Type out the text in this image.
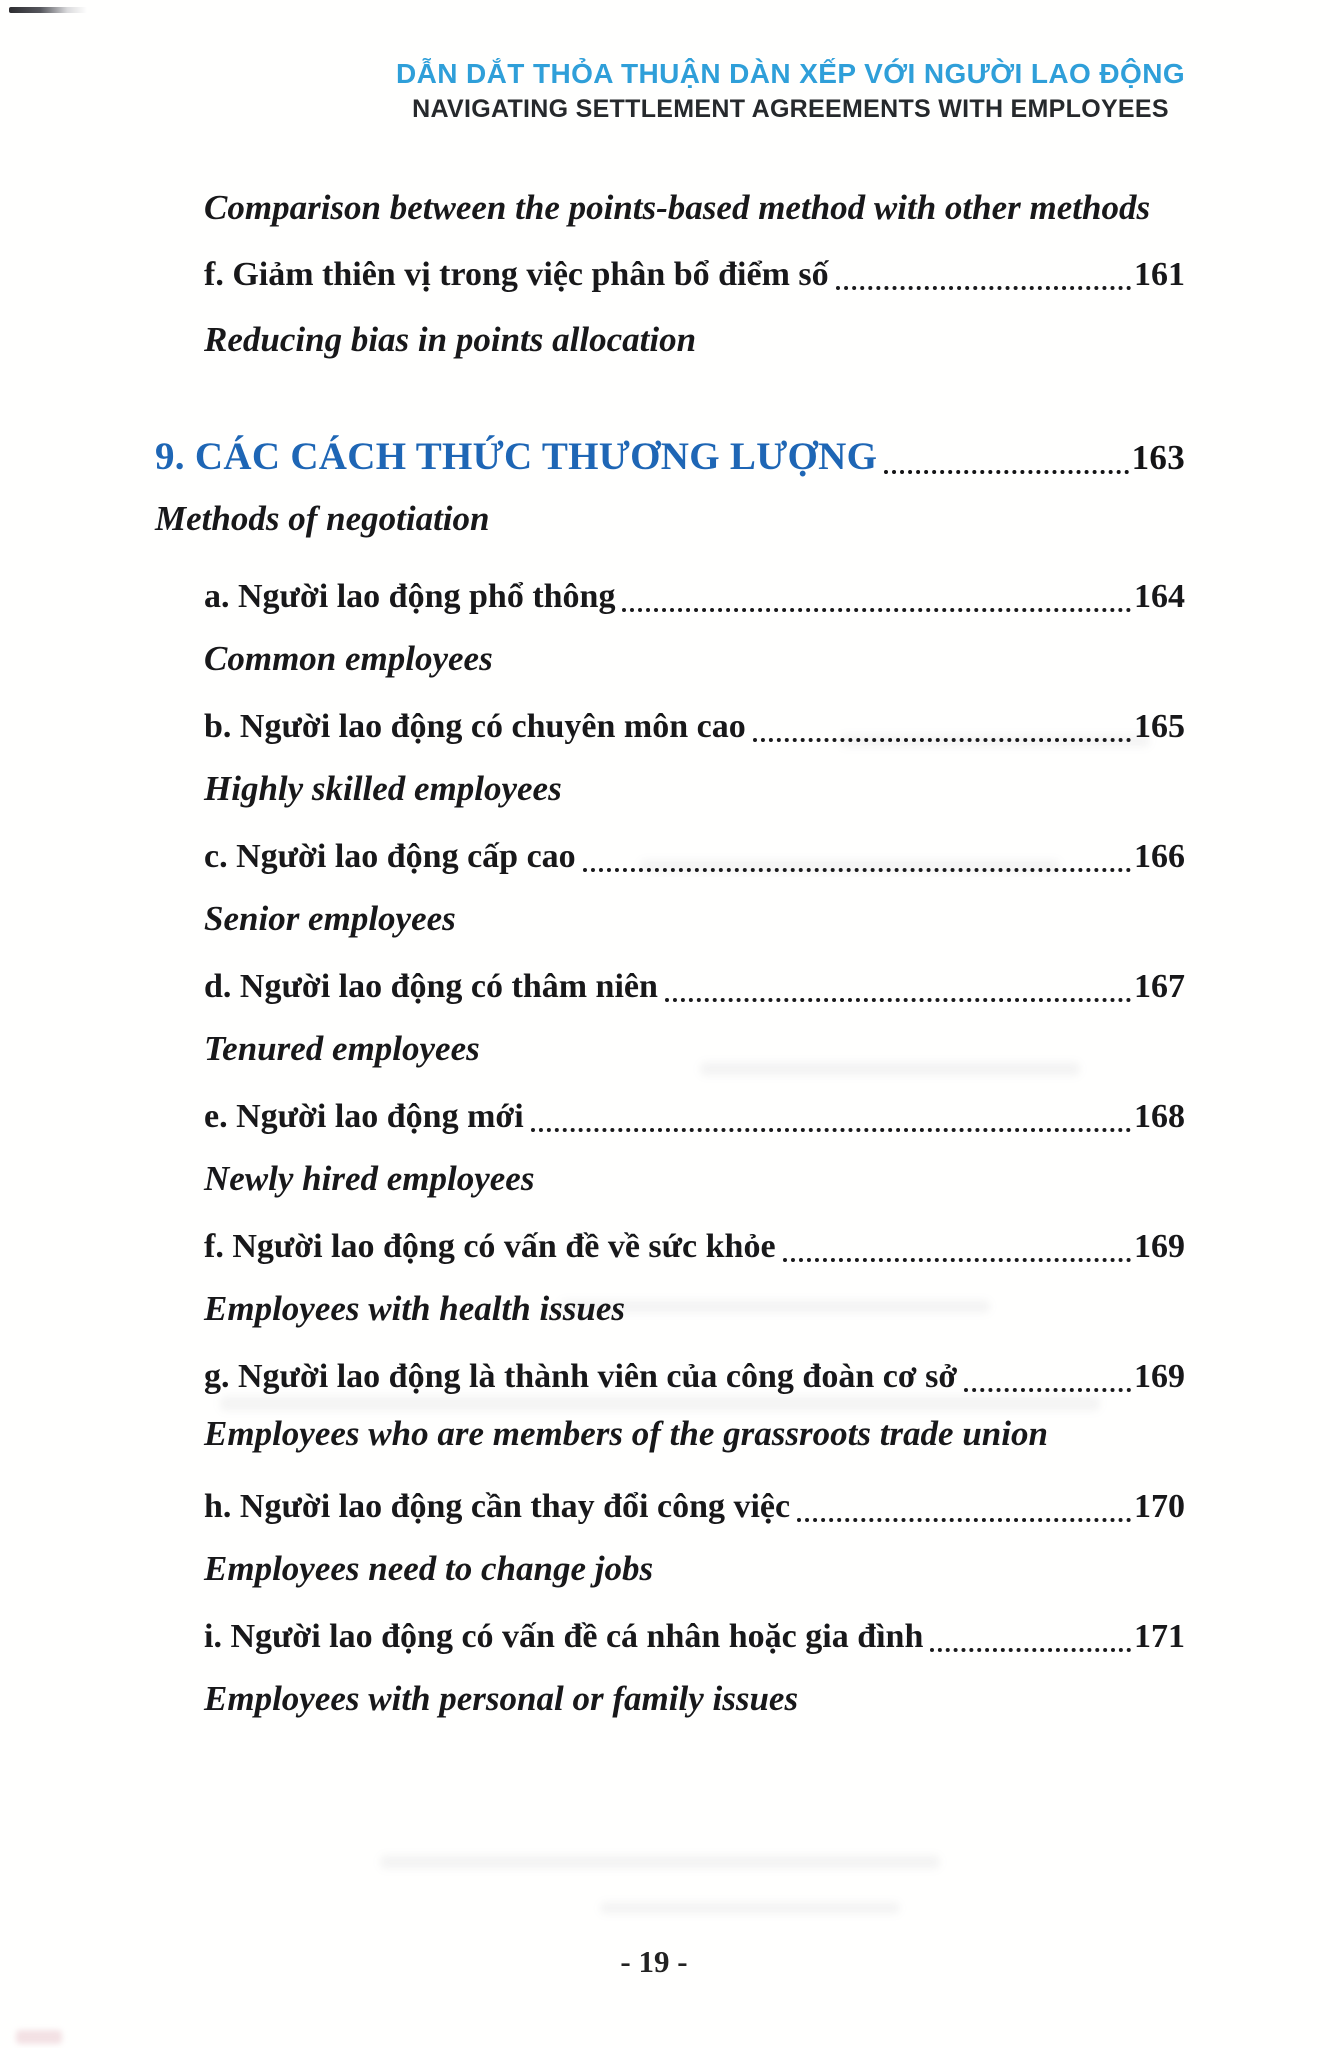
DẪN DẮT THỎA THUẬN DÀN XẾP VỚI NGƯỜI LAO ĐỘNG
NAVIGATING SETTLEMENT AGREEMENTS WITH EMPLOYEES
Comparison between the points-based method with other methods
f. Giảm thiên vị trong việc phân bổ điểm số	161
Reducing bias in points allocation
9. CÁC CÁCH THỨC THƯƠNG LƯỢNG	163
Methods of negotiation
a. Người lao động phổ thông	164
Common employees
b. Người lao động có chuyên môn cao	165
Highly skilled employees
c. Người lao động cấp cao	166
Senior employees
d. Người lao động có thâm niên	167
Tenured employees
e. Người lao động mới	168
Newly hired employees
f. Người lao động có vấn đề về sức khỏe	169
Employees with health issues
g. Người lao động là thành viên của công đoàn cơ sở	169
Employees who are members of the grassroots trade union
h. Người lao động cần thay đổi công việc	170
Employees need to change jobs
i. Người lao động có vấn đề cá nhân hoặc gia đình	171
Employees with personal or family issues
- 19 -
